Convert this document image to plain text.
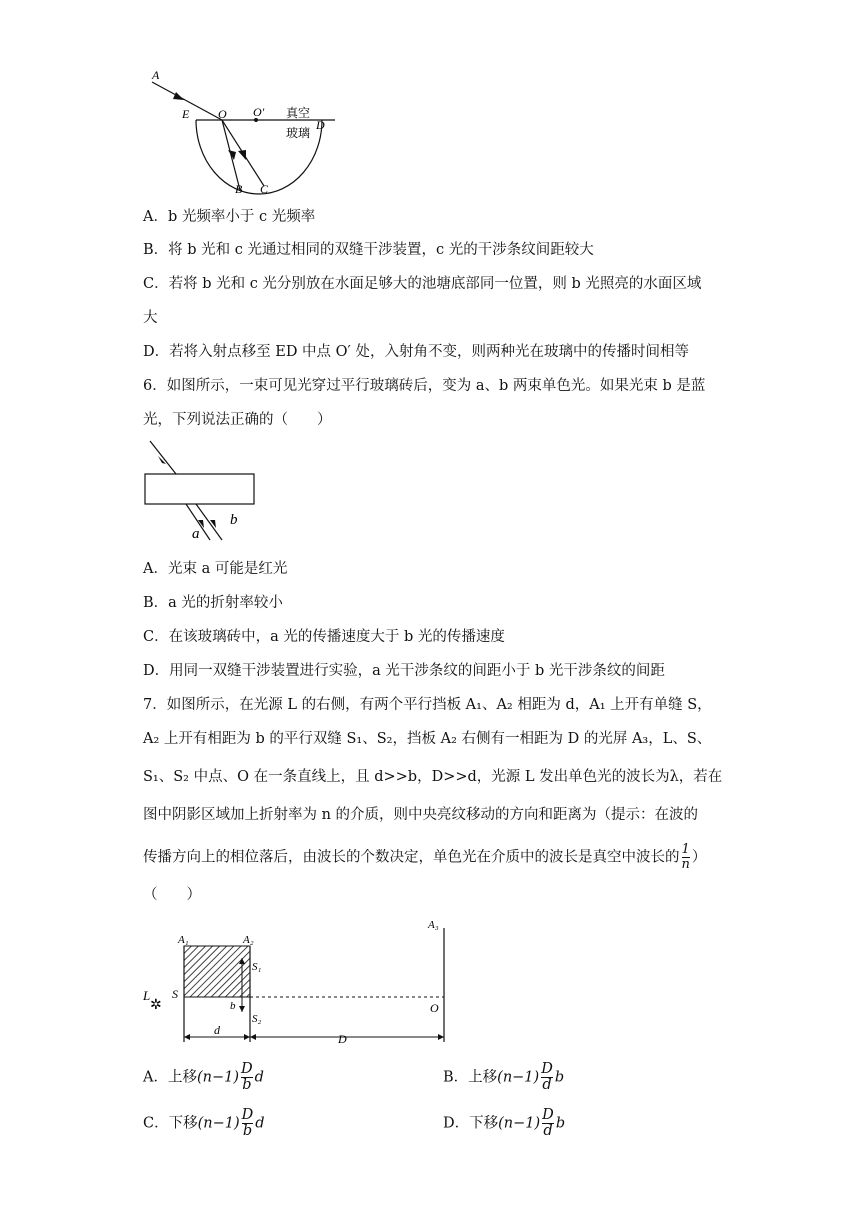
A
E O O′ 真空
D
玻璃
B C
A．b 光频率小于 c 光频率
B．将 b 光和 c 光通过相同的双缝干涉装置，c 光的干涉条纹间距较大
C．若将 b 光和 c 光分别放在水面足够大的池塘底部同一位置，则 b 光照亮的水面区域
大
D．若将入射点移至 ED 中点 O′ 处，入射角不变，则两种光在玻璃中的传播时间相等
6．如图所示，一束可见光穿过平行玻璃砖后，变为 a、b 两束单色光。如果光束 b 是蓝
光，下列说法正确的（　　）
a
b
A．光束 a 可能是红光
B．a 光的折射率较小
C．在该玻璃砖中，a 光的传播速度大于 b 光的传播速度
D．用同一双缝干涉装置进行实验，a 光干涉条纹的间距小于 b 光干涉条纹的间距
7．如图所示，在光源 L 的右侧，有两个平行挡板 A₁、A₂ 相距为 d，A₁ 上开有单缝 S，
A₂ 上开有相距为 b 的平行双缝 S₁、S₂，挡板 A₂ 右侧有一相距为 D 的光屏 A₃，L、S、
S₁、S₂ 中点、O 在一条直线上，且 d>>b，D>>d，光源 L 发出单色光的波长为λ，若在
图中阴影区域加上折射率为 n 的介质，则中央亮纹移动的方向和距离为（提示：在波的
传播方向上的相位落后，由波长的个数决定，单色光在介质中的波长是真空中波长的 $\frac{1}{n}$ ）
（　　）
L
✲
S
A₁	A₂
A₃
S₁
b
S₂
O
d
D
A．上移$(n-1) \frac{D}{b}$ d	B．上移$(n-1) \frac{D}{d}$ b
C．下移$(n-1) \frac{D}{b}$ d	D．下移$(n-1) \frac{D}{d}$ b
